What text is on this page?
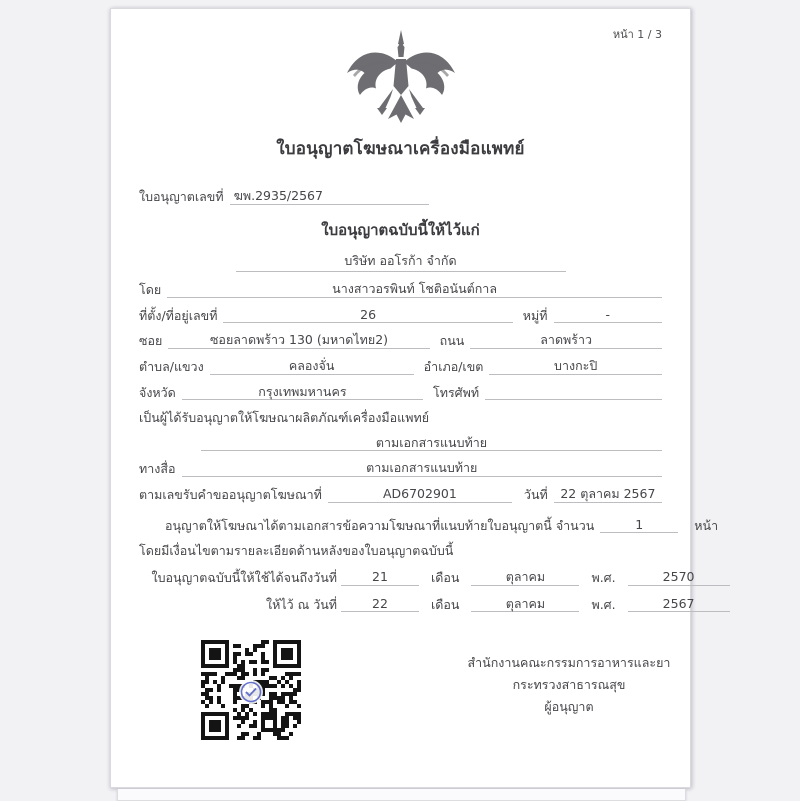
หน้า 1 / 3
ใบอนุญาตโฆษณาเครื่องมือแพทย์
ใบอนุญาตเลขที่ ฆพ.2935/2567
ใบอนุญาตฉบับนี้ให้ไว้แก่
บริษัท ออโรก้า จำกัด
โดย	นางสาวอรพินท์ โชติอนันต์กาล
ที่ตั้ง/ที่อยู่เลขที่	26	หมู่ที่	-
ซอย	ซอยลาดพร้าว 130 (มหาดไทย2)	ถนน	ลาดพร้าว
ตำบล/แขวง	คลองจั่น	อำเภอ/เขต	บางกะปิ
จังหวัด	กรุงเทพมหานคร	โทรศัพท์
เป็นผู้ได้รับอนุญาตให้โฆษณาผลิตภัณฑ์เครื่องมือแพทย์
ตามเอกสารแนบท้าย
ทางสื่อ	ตามเอกสารแนบท้าย
ตามเลขรับคำขออนุญาตโฆษณาที่	AD6702901	วันที่	22 ตุลาคม 2567
อนุญาตให้โฆษณาได้ตามเอกสารข้อความโฆษณาที่แนบท้ายใบอนุญาตนี้ จำนวน	1	หน้า
โดยมีเงื่อนไขตามรายละเอียดด้านหลังของใบอนุญาตฉบับนี้
ใบอนุญาตฉบับนี้ให้ใช้ได้จนถึงวันที่	21	เดือน	ตุลาคม	พ.ศ.	2570
ให้ไว้ ณ วันที่	22	เดือน	ตุลาคม	พ.ศ.	2567
สำนักงานคณะกรรมการอาหารและยา
กระทรวงสาธารณสุข
ผู้อนุญาต
